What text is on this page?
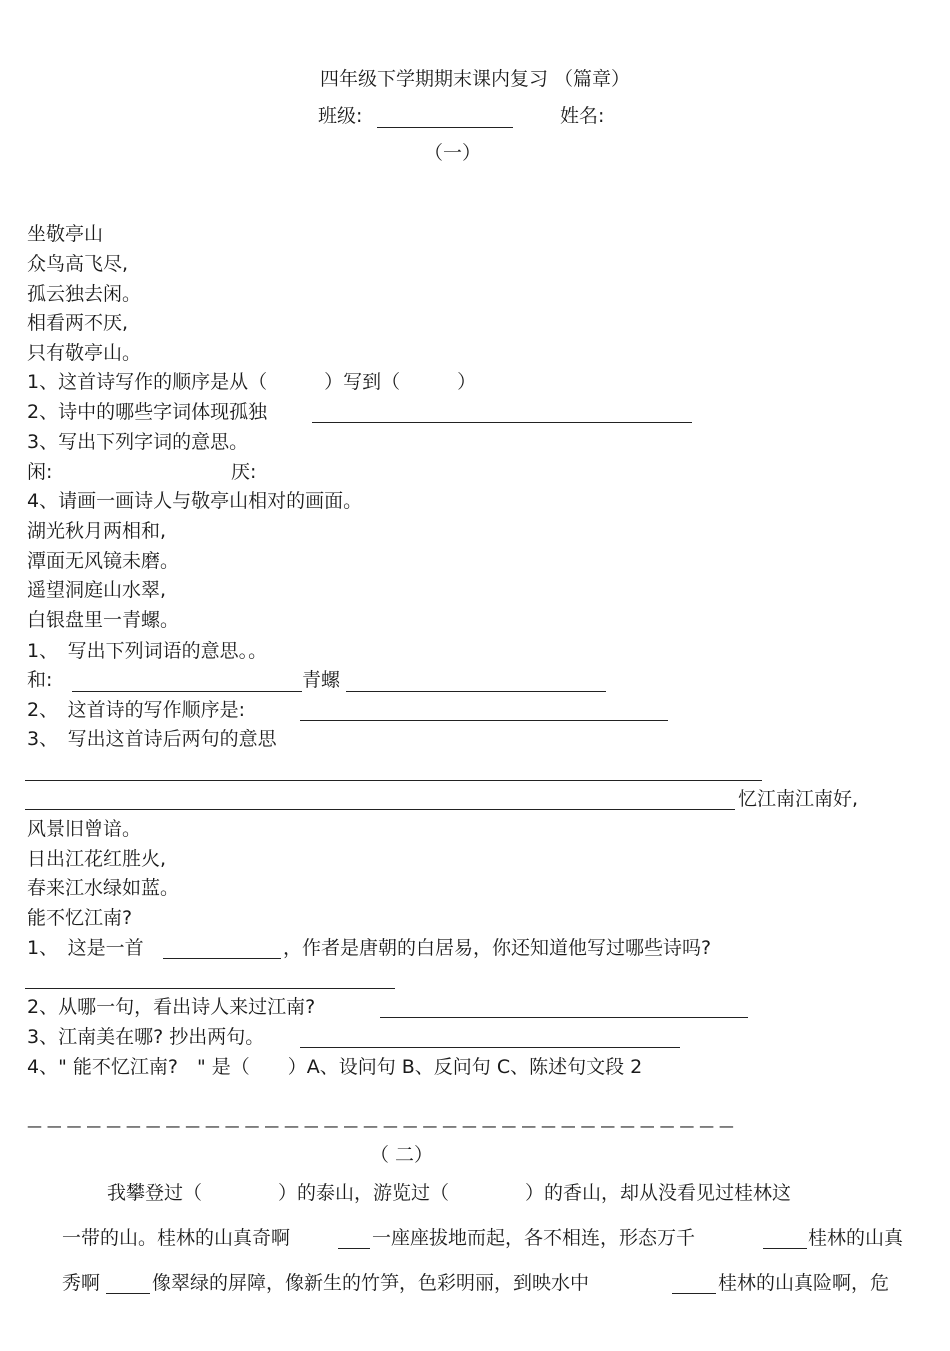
四年级下学期期末课内复习 （篇章）
班级:	姓名:
（一）
坐敬亭山
众鸟高飞尽,
孤云独去闲。
相看两不厌,
只有敬亭山。
1、这首诗写作的顺序是从（　　　）写到（　　　）
2、诗中的哪些字词体现孤独
3、写出下列字词的意思。
闲:	厌:
4、请画一画诗人与敬亭山相对的画面。
湖光秋月两相和,
潭面无风镜未磨。
遥望洞庭山水翠,
白银盘里一青螺。
1、　写出下列词语的意思。。
和:	青螺
2、　这首诗的写作顺序是:
3、　写出这首诗后两句的意思
忆江南江南好,
风景旧曾谙。
日出江花红胜火,
春来江水绿如蓝。
能不忆江南?
1、　这是一首	，作者是唐朝的白居易，你还知道他写过哪些诗吗?
2、从哪一句，看出诗人来过江南?
3、江南美在哪? 抄出两句。
4、" 能不忆江南?　" 是（　　）A、设问句 B、反问句 C、陈述句文段 2
— — — — — — — — — — — — — — — — — — — — — — — — — — — — — — — — — — — —
（ 二）
我攀登过（　　　　）的泰山，游览过（　　　　）的香山，却从没看见过桂林这
一带的山。桂林的山真奇啊	一座座拔地而起，各不相连，形态万千	桂林的山真
秀啊	像翠绿的屏障，像新生的竹笋，色彩明丽，到映水中	桂林的山真险啊，危
